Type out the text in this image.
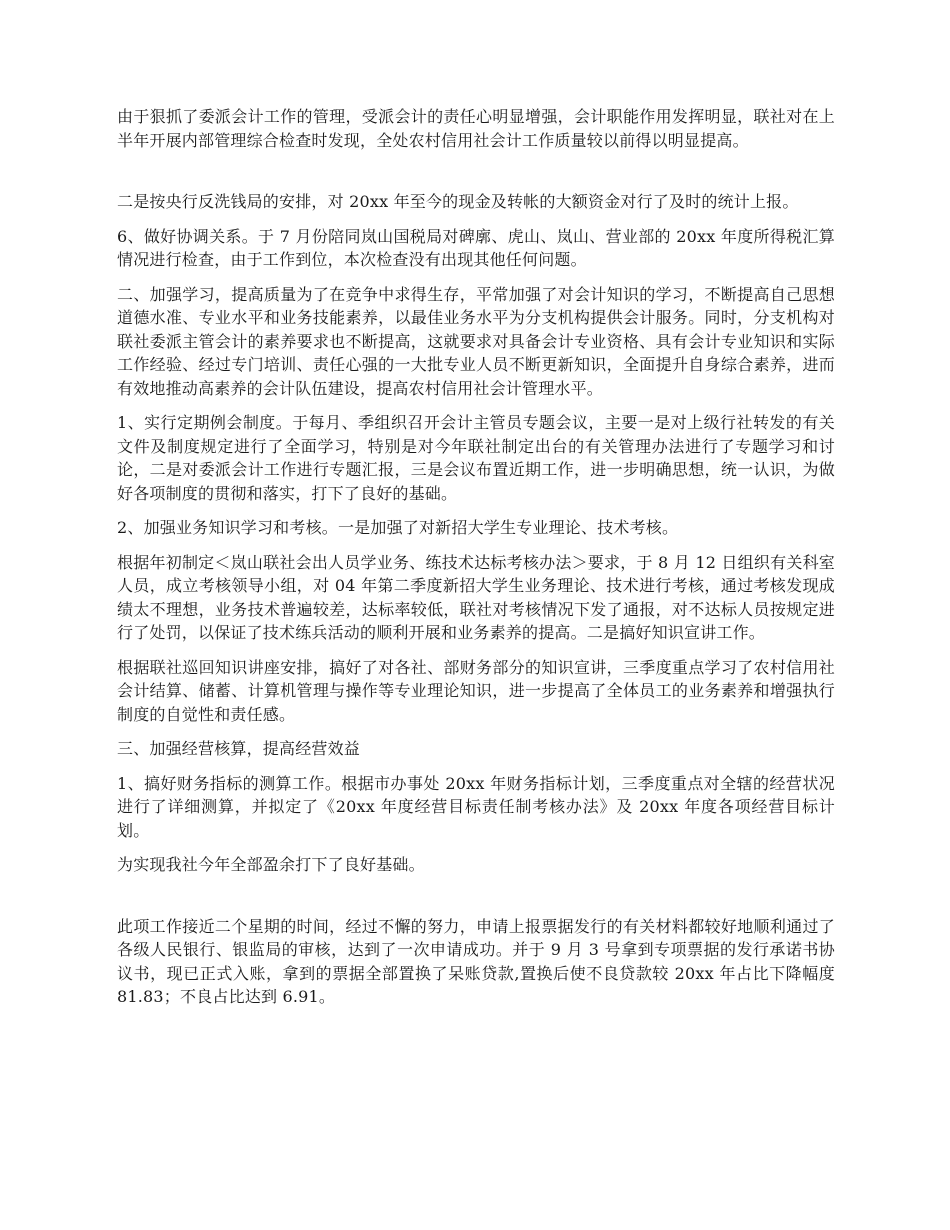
由于狠抓了委派会计工作的管理，受派会计的责任心明显增强，会计职能作用发挥明显，联社对在上半年开展内部管理综合检查时发现，全处农村信用社会计工作质量较以前得以明显提高。

二是按央行反洗钱局的安排，对 20xx 年至今的现金及转帐的大额资金对行了及时的统计上报。

6、做好协调关系。于 7 月份陪同岚山国税局对碑廓、虎山、岚山、营业部的 20xx 年度所得税汇算情况进行检查，由于工作到位，本次检查没有出现其他任何问题。

二、加强学习，提高质量为了在竞争中求得生存，平常加强了对会计知识的学习，不断提高自己思想道德水准、专业水平和业务技能素养，以最佳业务水平为分支机构提供会计服务。同时，分支机构对联社委派主管会计的素养要求也不断提高，这就要求对具备会计专业资格、具有会计专业知识和实际工作经验、经过专门培训、责任心强的一大批专业人员不断更新知识，全面提升自身综合素养，进而有效地推动高素养的会计队伍建设，提高农村信用社会计管理水平。

1、实行定期例会制度。于每月、季组织召开会计主管员专题会议，主要一是对上级行社转发的有关文件及制度规定进行了全面学习，特别是对今年联社制定出台的有关管理办法进行了专题学习和讨论，二是对委派会计工作进行专题汇报，三是会议布置近期工作，进一步明确思想，统一认识，为做好各项制度的贯彻和落实，打下了良好的基础。

2、加强业务知识学习和考核。一是加强了对新招大学生专业理论、技术考核。

根据年初制定＜岚山联社会出人员学业务、练技术达标考核办法＞要求，于 8 月 12 日组织有关科室人员，成立考核领导小组，对 04 年第二季度新招大学生业务理论、技术进行考核，通过考核发现成绩太不理想，业务技术普遍较差，达标率较低，联社对考核情况下发了通报，对不达标人员按规定进行了处罚，以保证了技术练兵活动的顺利开展和业务素养的提高。二是搞好知识宣讲工作。

根据联社巡回知识讲座安排，搞好了对各社、部财务部分的知识宣讲，三季度重点学习了农村信用社会计结算、储蓄、计算机管理与操作等专业理论知识，进一步提高了全体员工的业务素养和增强执行制度的自觉性和责任感。

三、加强经营核算，提高经营效益

1、搞好财务指标的测算工作。根据市办事处 20xx 年财务指标计划，三季度重点对全辖的经营状况进行了详细测算，并拟定了《20xx 年度经营目标责任制考核办法》及 20xx 年度各项经营目标计划。

为实现我社今年全部盈余打下了良好基础。

此项工作接近二个星期的时间，经过不懈的努力，申请上报票据发行的有关材料都较好地顺利通过了各级人民银行、银监局的审核，达到了一次申请成功。并于 9 月 3 号拿到专项票据的发行承诺书协议书，现已正式入账，拿到的票据全部置换了呆账贷款,置换后使不良贷款较 20xx 年占比下降幅度 81.83；不良占比达到 6.91。
